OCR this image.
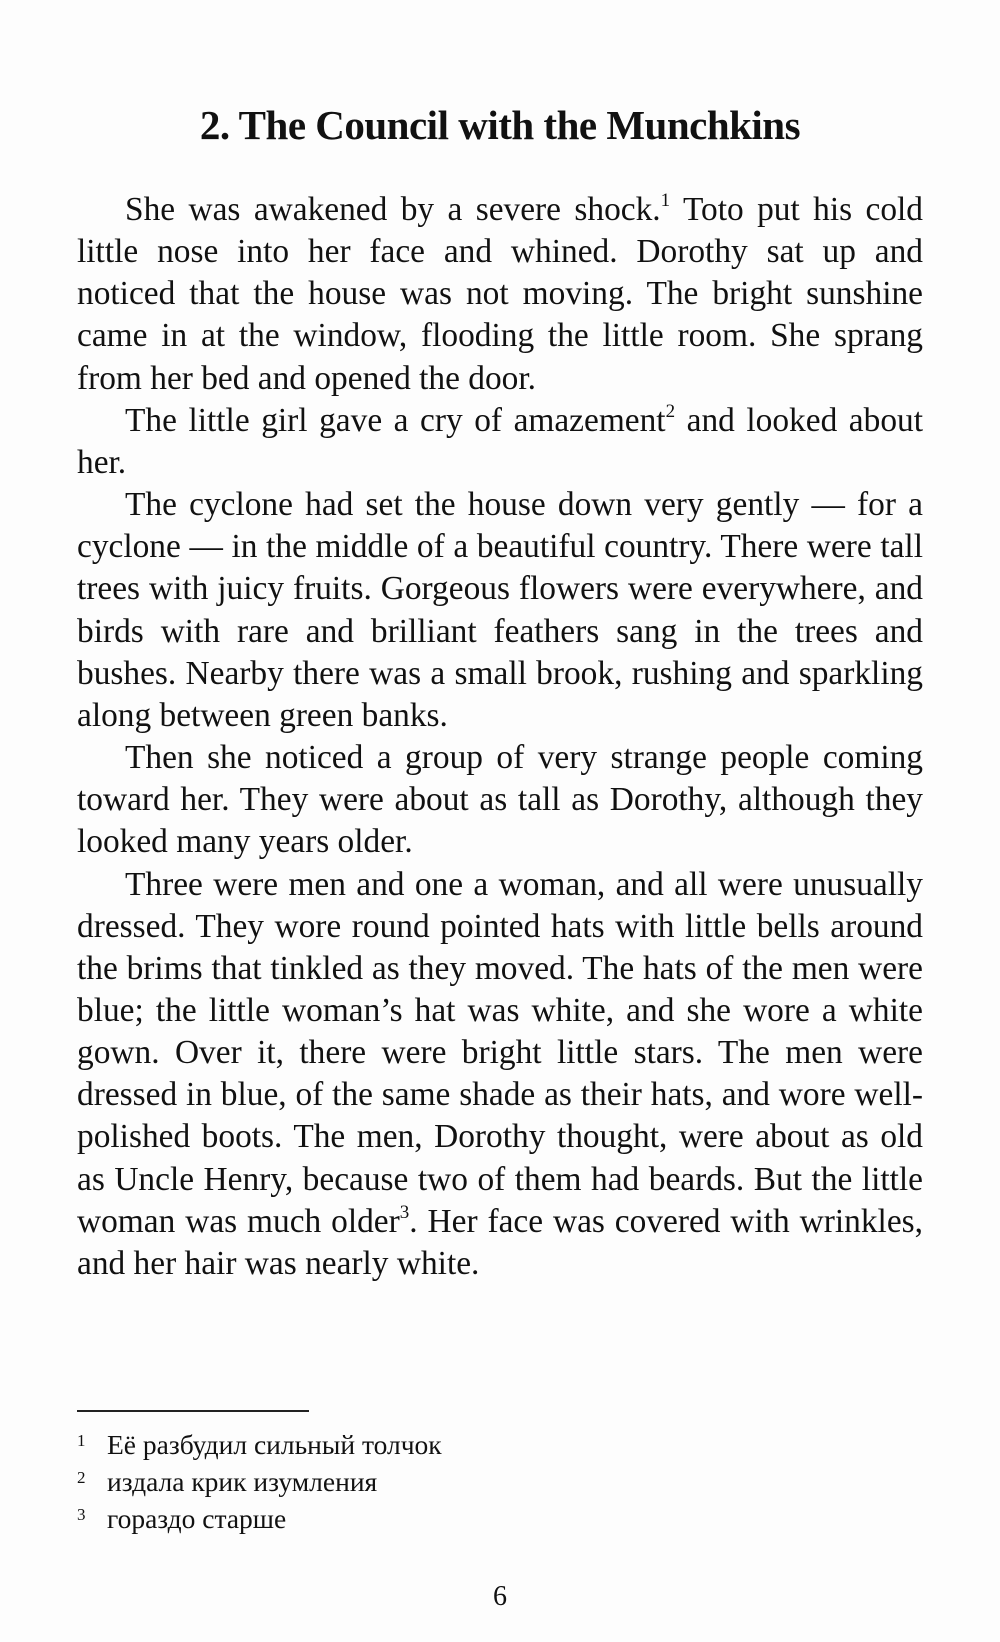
2. The Council with the Munchkins

She was awakened by a severe shock.$^1$ Toto put his cold little nose into her face and whined. Dorothy sat up and noticed that the house was not moving. The bright sunshine came in at the window, flooding the little room. She sprang from her bed and opened the door.

The little girl gave a cry of amazement$^2$ and looked about her.

The cyclone had set the house down very gently — for a cyclone — in the middle of a beautiful country. There were tall trees with juicy fruits. Gorgeous flowers were everywhere, and birds with rare and brilliant feathers sang in the trees and bushes. Nearby there was a small brook, rushing and sparkling along between green banks.

Then she noticed a group of very strange people coming toward her. They were about as tall as Dorothy, although they looked many years older.

Three were men and one a woman, and all were unusually dressed. They wore round pointed hats with little bells around the brims that tinkled as they moved. The hats of the men were blue; the little woman’s hat was white, and she wore a white gown. Over it, there were bright little stars. The men were dressed in blue, of the same shade as their hats, and wore well-polished boots. The men, Dorothy thought, were about as old as Uncle Henry, because two of them had beards. But the little woman was much older$^3$. Her face was covered with wrinkles, and her hair was nearly white.

1 Её разбудил сильный толчок
2 издала крик изумления
3 гораздо старше
6
